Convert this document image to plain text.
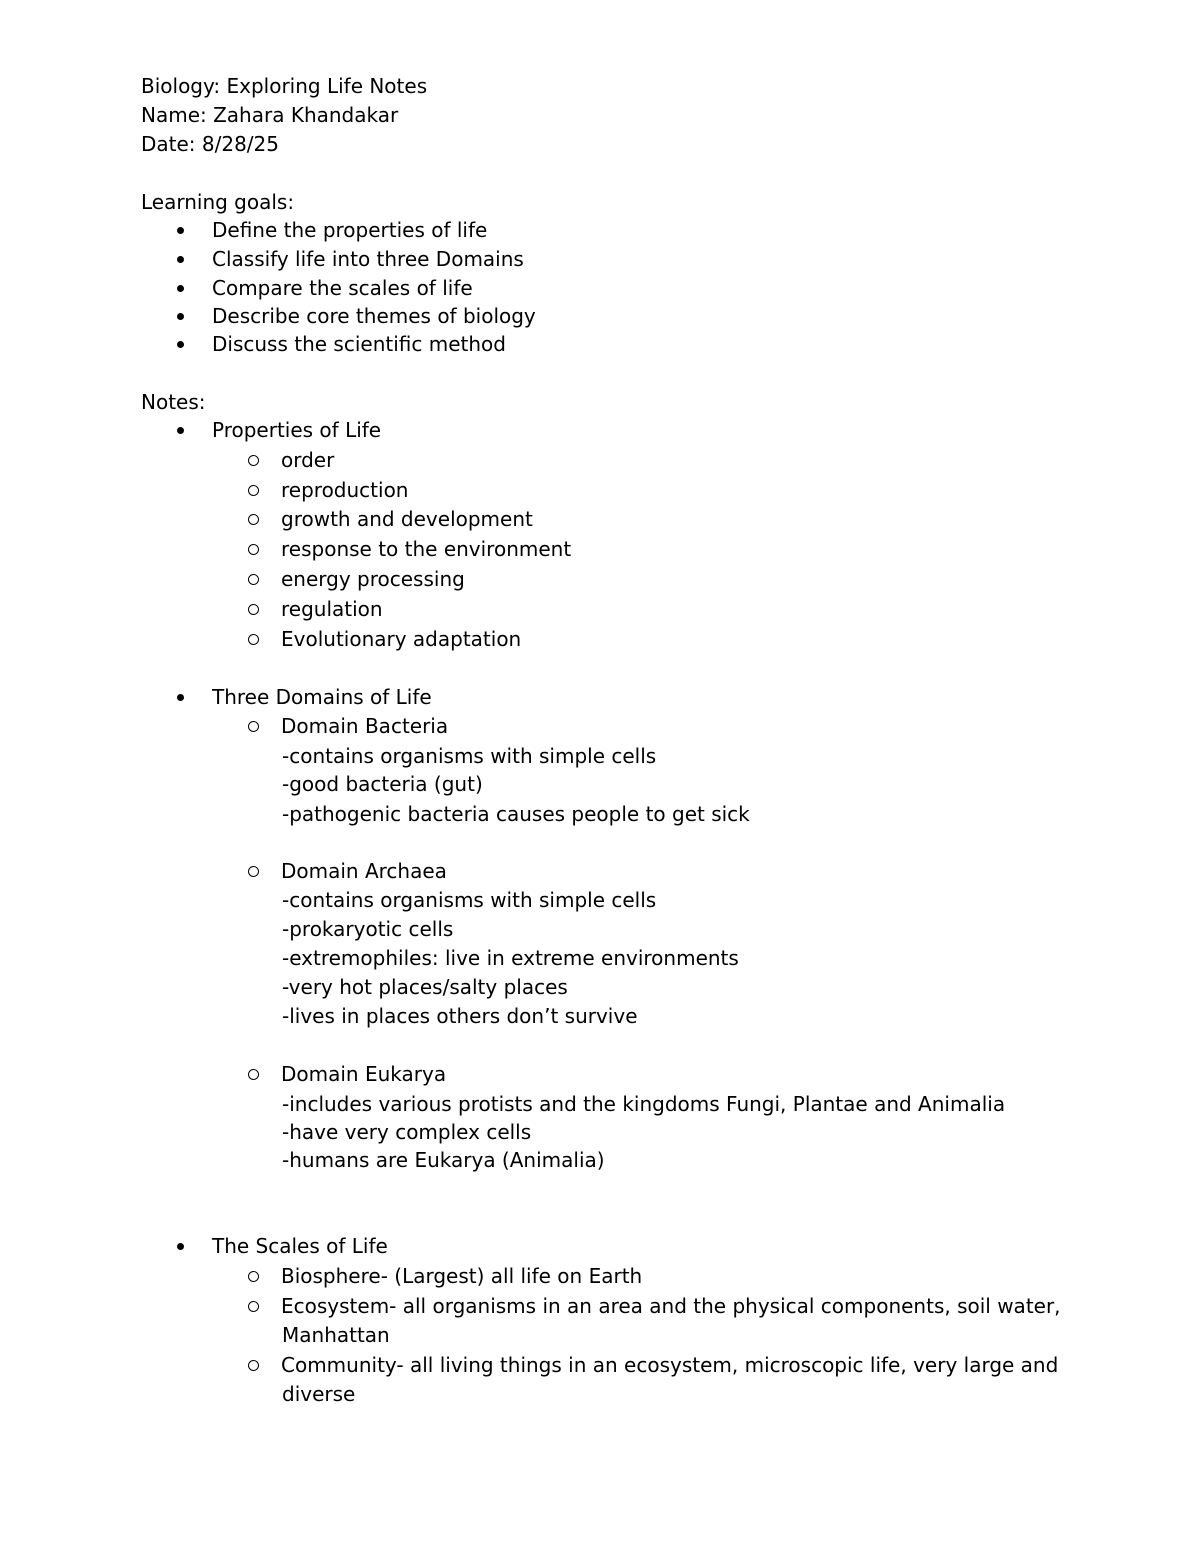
Biology: Exploring Life Notes
Name: Zahara Khandakar
Date: 8/28/25
Learning goals:
Define the properties of life
Classify life into three Domains
Compare the scales of life
Describe core themes of biology
Discuss the scientific method
Notes:
Properties of Life
order
reproduction
growth and development
response to the environment
energy processing
regulation
Evolutionary adaptation
Three Domains of Life
Domain Bacteria
-contains organisms with simple cells
-good bacteria (gut)
-pathogenic bacteria causes people to get sick
Domain Archaea
-contains organisms with simple cells
-prokaryotic cells
-extremophiles: live in extreme environments
-very hot places/salty places
-lives in places others don’t survive
Domain Eukarya
-includes various protists and the kingdoms Fungi, Plantae and Animalia
-have very complex cells
-humans are Eukarya (Animalia)
The Scales of Life
Biosphere- (Largest) all life on Earth
Ecosystem- all organisms in an area and the physical components, soil water,
Manhattan
Community- all living things in an ecosystem, microscopic life, very large and
diverse
